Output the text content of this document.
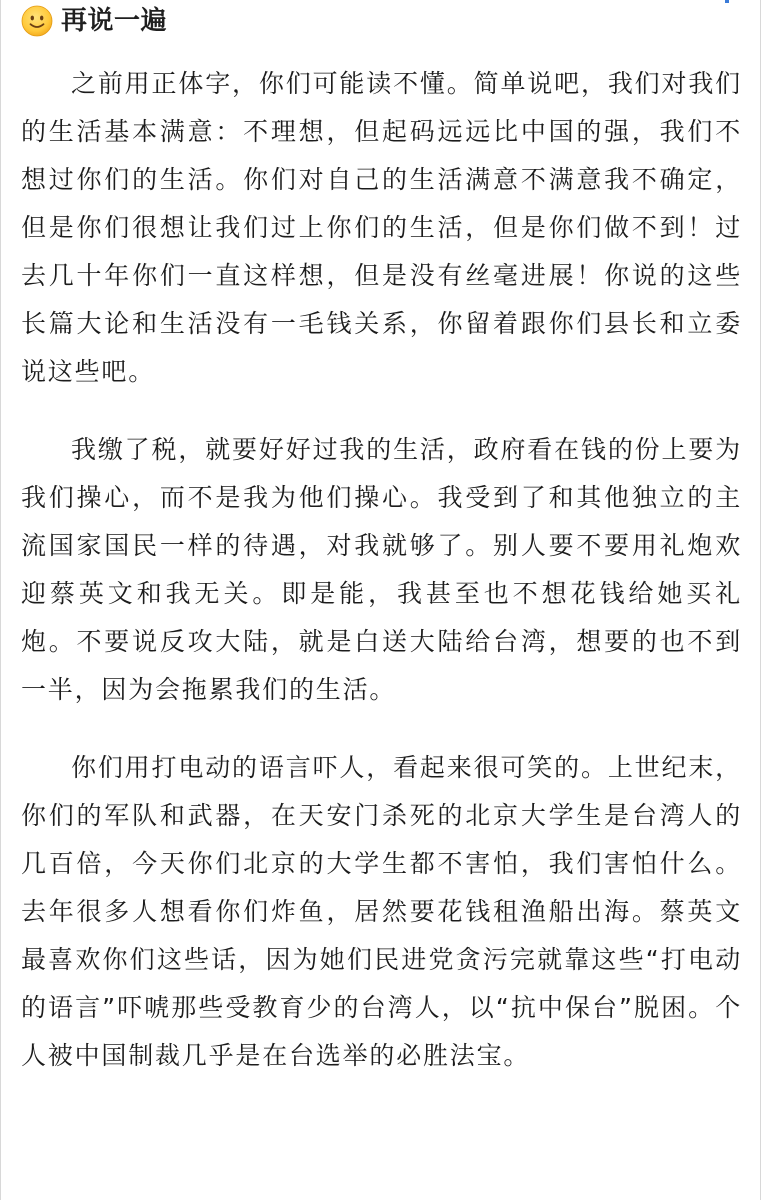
再说一遍

之前用正体字，你们可能读不懂。简单说吧，我们对我们的生活基本满意：不理想，但起码远远比中国的强，我们不想过你们的生活。你们对自己的生活满意不满意我不确定，但是你们很想让我们过上你们的生活，但是你们做不到！过去几十年你们一直这样想，但是没有丝毫进展！你说的这些长篇大论和生活没有一毛钱关系，你留着跟你们县长和立委说这些吧。

我缴了税，就要好好过我的生活，政府看在钱的份上要为我们操心，而不是我为他们操心。我受到了和其他独立的主流国家国民一样的待遇，对我就够了。别人要不要用礼炮欢迎蔡英文和我无关。即是能，我甚至也不想花钱给她买礼炮。不要说反攻大陆，就是白送大陆给台湾，想要的也不到一半，因为会拖累我们的生活。

你们用打电动的语言吓人，看起来很可笑的。上世纪末，你们的军队和武器，在天安门杀死的北京大学生是台湾人的几百倍，今天你们北京的大学生都不害怕，我们害怕什么。去年很多人想看你们炸鱼，居然要花钱租渔船出海。蔡英文最喜欢你们这些话，因为她们民进党贪污完就靠这些“打电动的语言”吓唬那些受教育少的台湾人，以“抗中保台”脱困。个人被中国制裁几乎是在台选举的必胜法宝。
